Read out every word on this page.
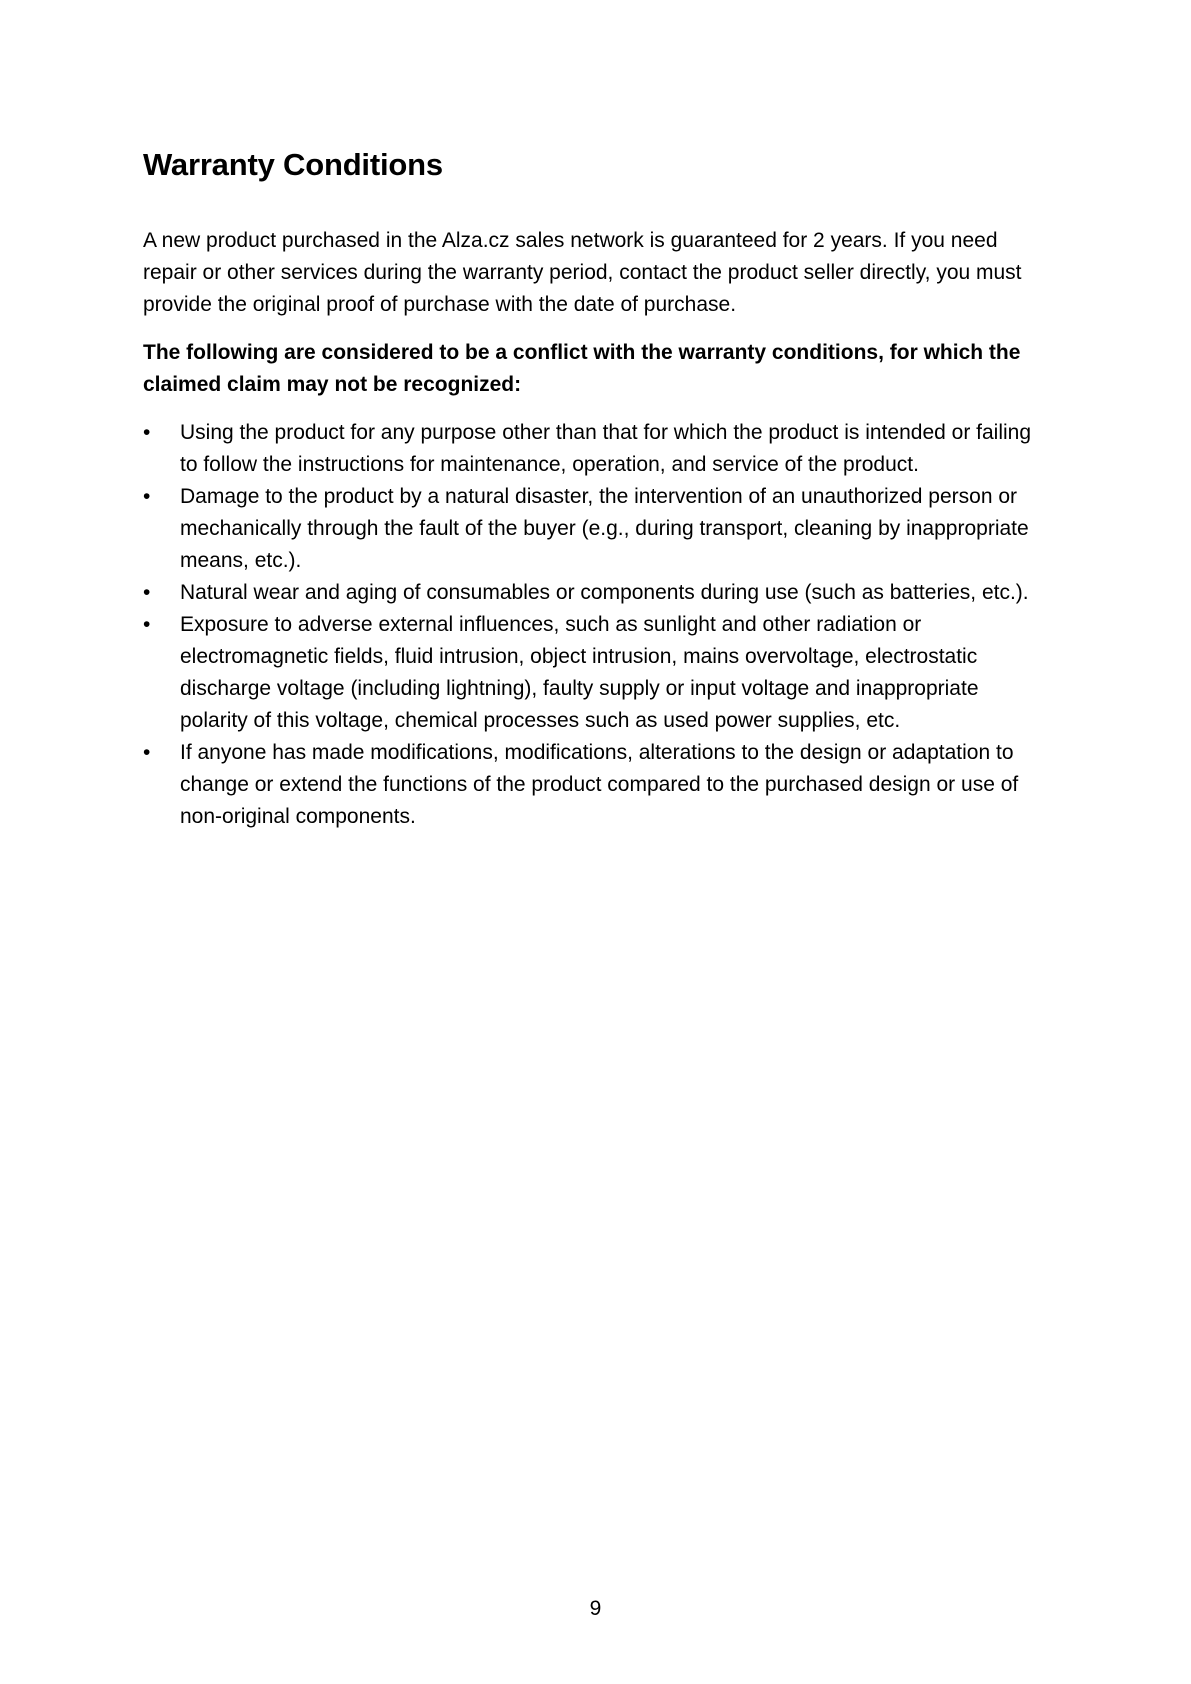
Warranty Conditions

A new product purchased in the Alza.cz sales network is guaranteed for 2 years. If you need repair or other services during the warranty period, contact the product seller directly, you must provide the original proof of purchase with the date of purchase.

The following are considered to be a conflict with the warranty conditions, for which the claimed claim may not be recognized:

•	Using the product for any purpose other than that for which the product is intended or failing to follow the instructions for maintenance, operation, and service of the product.
•	Damage to the product by a natural disaster, the intervention of an unauthorized person or mechanically through the fault of the buyer (e.g., during transport, cleaning by inappropriate means, etc.).
•	Natural wear and aging of consumables or components during use (such as batteries, etc.).
•	Exposure to adverse external influences, such as sunlight and other radiation or electromagnetic fields, fluid intrusion, object intrusion, mains overvoltage, electrostatic discharge voltage (including lightning), faulty supply or input voltage and inappropriate polarity of this voltage, chemical processes such as used power supplies, etc.
•	If anyone has made modifications, modifications, alterations to the design or adaptation to change or extend the functions of the product compared to the purchased design or use of non-original components.
9
